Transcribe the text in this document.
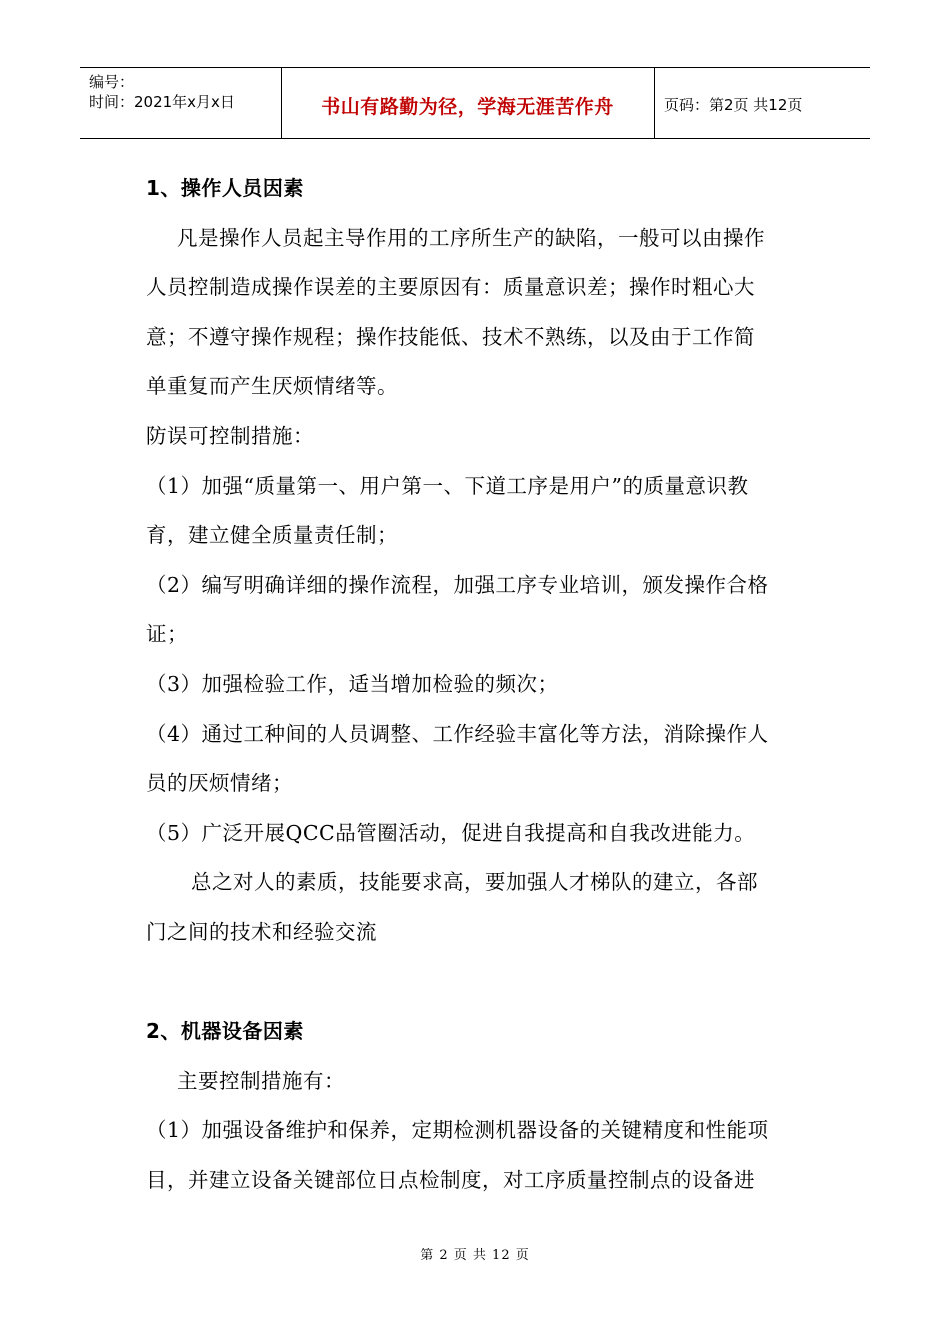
编号：
时间：2021年x月x日	书山有路勤为径，学海无涯苦作舟	页码：第2页 共12页
1、操作人员因素
凡是操作人员起主导作用的工序所生产的缺陷，一般可以由操作
人员控制造成操作误差的主要原因有：质量意识差；操作时粗心大
意；不遵守操作规程；操作技能低、技术不熟练，以及由于工作简
单重复而产生厌烦情绪等。
防误可控制措施：
（1）加强“质量第一、用户第一、下道工序是用户”的质量意识教
育，建立健全质量责任制；
（2）编写明确详细的操作流程，加强工序专业培训，颁发操作合格
证；
（3）加强检验工作，适当增加检验的频次；
（4）通过工种间的人员调整、工作经验丰富化等方法，消除操作人
员的厌烦情绪；
（5）广泛开展QCC品管圈活动，促进自我提高和自我改进能力。
总之对人的素质，技能要求高，要加强人才梯队的建立，各部
门之间的技术和经验交流
2、机器设备因素
主要控制措施有：
（1）加强设备维护和保养，定期检测机器设备的关键精度和性能项
目，并建立设备关键部位日点检制度，对工序质量控制点的设备进
第 2 页 共 12 页
